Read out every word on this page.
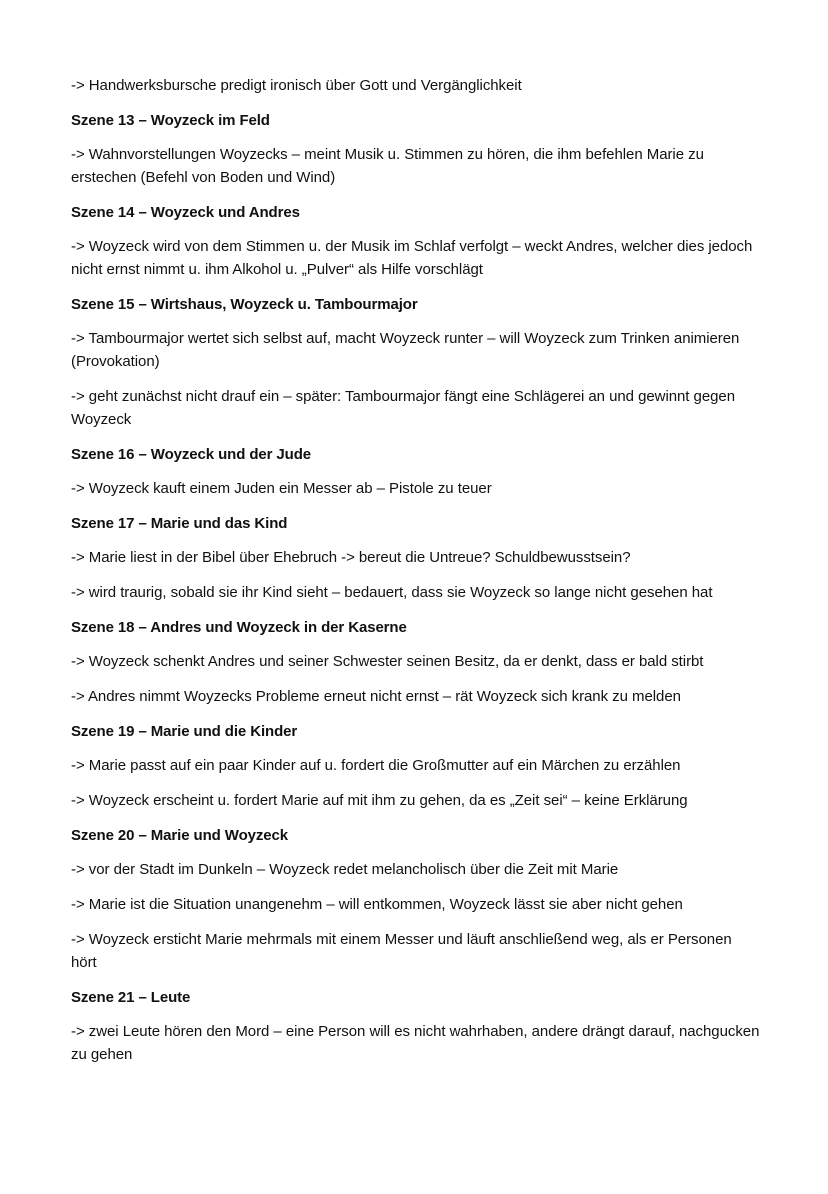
-> Handwerksbursche predigt ironisch über Gott und Vergänglichkeit

Szene 13 – Woyzeck im Feld

-> Wahnvorstellungen Woyzecks – meint Musik u. Stimmen zu hören, die ihm befehlen Marie zu erstechen (Befehl von Boden und Wind)

Szene 14 – Woyzeck und Andres

-> Woyzeck wird von dem Stimmen u. der Musik im Schlaf verfolgt – weckt Andres, welcher dies jedoch nicht ernst nimmt u. ihm Alkohol u. „Pulver“ als Hilfe vorschlägt

Szene 15 – Wirtshaus, Woyzeck u. Tambourmajor

-> Tambourmajor wertet sich selbst auf, macht Woyzeck runter – will Woyzeck zum Trinken animieren (Provokation)

-> geht zunächst nicht drauf ein – später: Tambourmajor fängt eine Schlägerei an und gewinnt gegen Woyzeck

Szene 16 – Woyzeck und der Jude

-> Woyzeck kauft einem Juden ein Messer ab – Pistole zu teuer

Szene 17 – Marie und das Kind

-> Marie liest in der Bibel über Ehebruch -> bereut die Untreue? Schuldbewusstsein?

-> wird traurig, sobald sie ihr Kind sieht – bedauert, dass sie Woyzeck so lange nicht gesehen hat

Szene 18 – Andres und Woyzeck in der Kaserne

-> Woyzeck schenkt Andres und seiner Schwester seinen Besitz, da er denkt, dass er bald stirbt

-> Andres nimmt Woyzecks Probleme erneut nicht ernst – rät Woyzeck sich krank zu melden

Szene 19 – Marie und die Kinder

-> Marie passt auf ein paar Kinder auf u. fordert die Großmutter auf ein Märchen zu erzählen

-> Woyzeck erscheint u. fordert Marie auf mit ihm zu gehen, da es „Zeit sei“ – keine Erklärung

Szene 20 – Marie und Woyzeck

-> vor der Stadt im Dunkeln – Woyzeck redet melancholisch über die Zeit mit Marie

-> Marie ist die Situation unangenehm – will entkommen, Woyzeck lässt sie aber nicht gehen

-> Woyzeck ersticht Marie mehrmals mit einem Messer und läuft anschließend weg, als er Personen hört

Szene 21 – Leute

-> zwei Leute hören den Mord – eine Person will es nicht wahrhaben, andere drängt darauf, nachgucken zu gehen
